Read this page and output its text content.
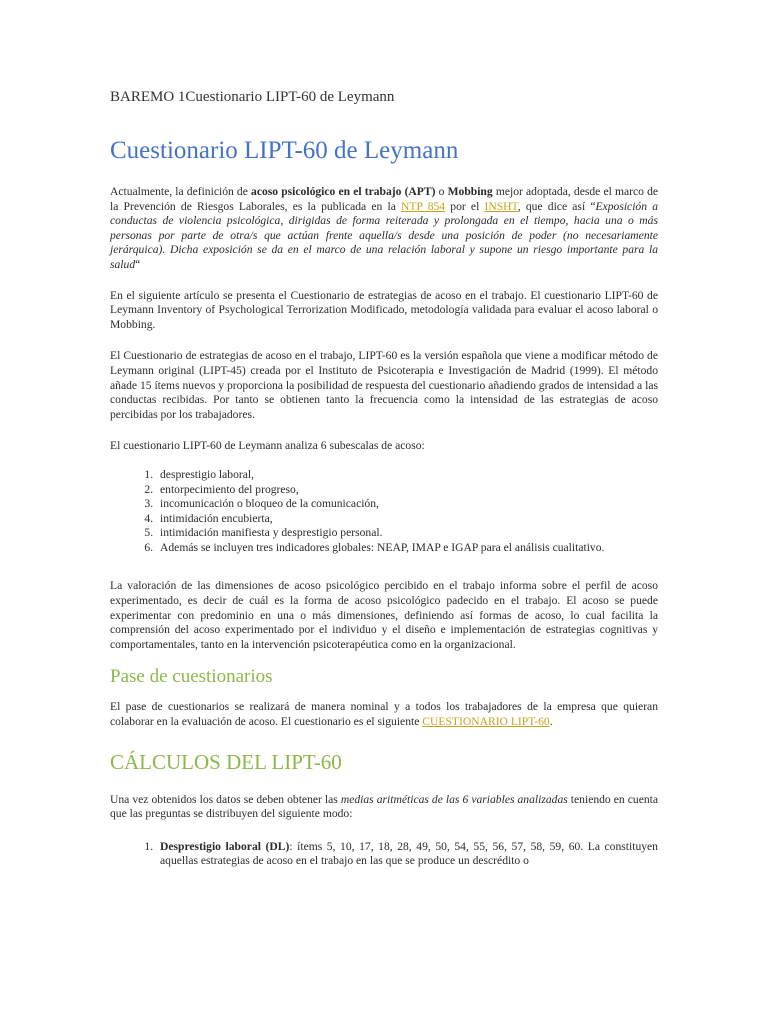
BAREMO 1Cuestionario LIPT-60 de Leymann
Cuestionario LIPT-60 de Leymann

Actualmente, la definición de acoso psicológico en el trabajo (APT) o Mobbing mejor adoptada, desde el marco de la Prevención de Riesgos Laborales, es la publicada en la NTP 854 por el INSHT, que dice así “Exposición a conductas de violencia psicológica, dirigidas de forma reiterada y prolongada en el tiempo, hacia una o más personas por parte de otra/s que actúan frente aquella/s desde una posición de poder (no necesariamente jerárquica). Dicha exposición se da en el marco de una relación laboral y supone un riesgo importante para la salud“

En el siguiente artículo se presenta el Cuestionario de estrategias de acoso en el trabajo. El cuestionario LIPT-60 de Leymann Inventory of Psychological Terrorization Modificado, metodología validada para evaluar el acoso laboral o Mobbing.

El Cuestionario de estrategias de acoso en el trabajo, LIPT-60 es la versión española que viene a modificar método de Leymann original (LIPT-45) creada por el Instituto de Psicoterapia e Investigación de Madrid (1999). El método añade 15 ítems nuevos y proporciona la posibilidad de respuesta del cuestionario añadiendo grados de intensidad a las conductas recibidas. Por tanto se obtienen tanto la frecuencia como la intensidad de las estrategias de acoso percibidas por los trabajadores.

El cuestionario LIPT-60 de Leymann analiza 6 subescalas de acoso:

1. desprestigio laboral,
2. entorpecimiento del progreso,
3. incomunicación o bloqueo de la comunicación,
4. intimidación encubierta,
5. intimidación manifiesta y desprestigio personal.
6. Además se incluyen tres indicadores globales: NEAP, IMAP e IGAP para el análisis cualitativo.

La valoración de las dimensiones de acoso psicológico percibido en el trabajo informa sobre el perfil de acoso experimentado, es decir de cuál es la forma de acoso psicológico padecido en el trabajo. El acoso se puede experimentar con predominio en una o más dimensiones, definiendo así formas de acoso, lo cual facilita la comprensión del acoso experimentado por el individuo y el diseño e implementación de estrategias cognitivas y comportamentales, tanto en la intervención psicoterapéutica como en la organizacional.

Pase de cuestionarios

El pase de cuestionarios se realizará de manera nominal y a todos los trabajadores de la empresa que quieran colaborar en la evaluación de acoso. El cuestionario es el siguiente CUESTIONARIO LIPT-60.

CÁLCULOS DEL LIPT-60

Una vez obtenidos los datos se deben obtener las medias aritméticas de las 6 variables analizadas teniendo en cuenta que las preguntas se distribuyen del siguiente modo:

1. Desprestigio laboral (DL): ítems 5, 10, 17, 18, 28, 49, 50, 54, 55, 56, 57, 58, 59, 60. La constituyen aquellas estrategias de acoso en el trabajo en las que se produce un descrédito o
